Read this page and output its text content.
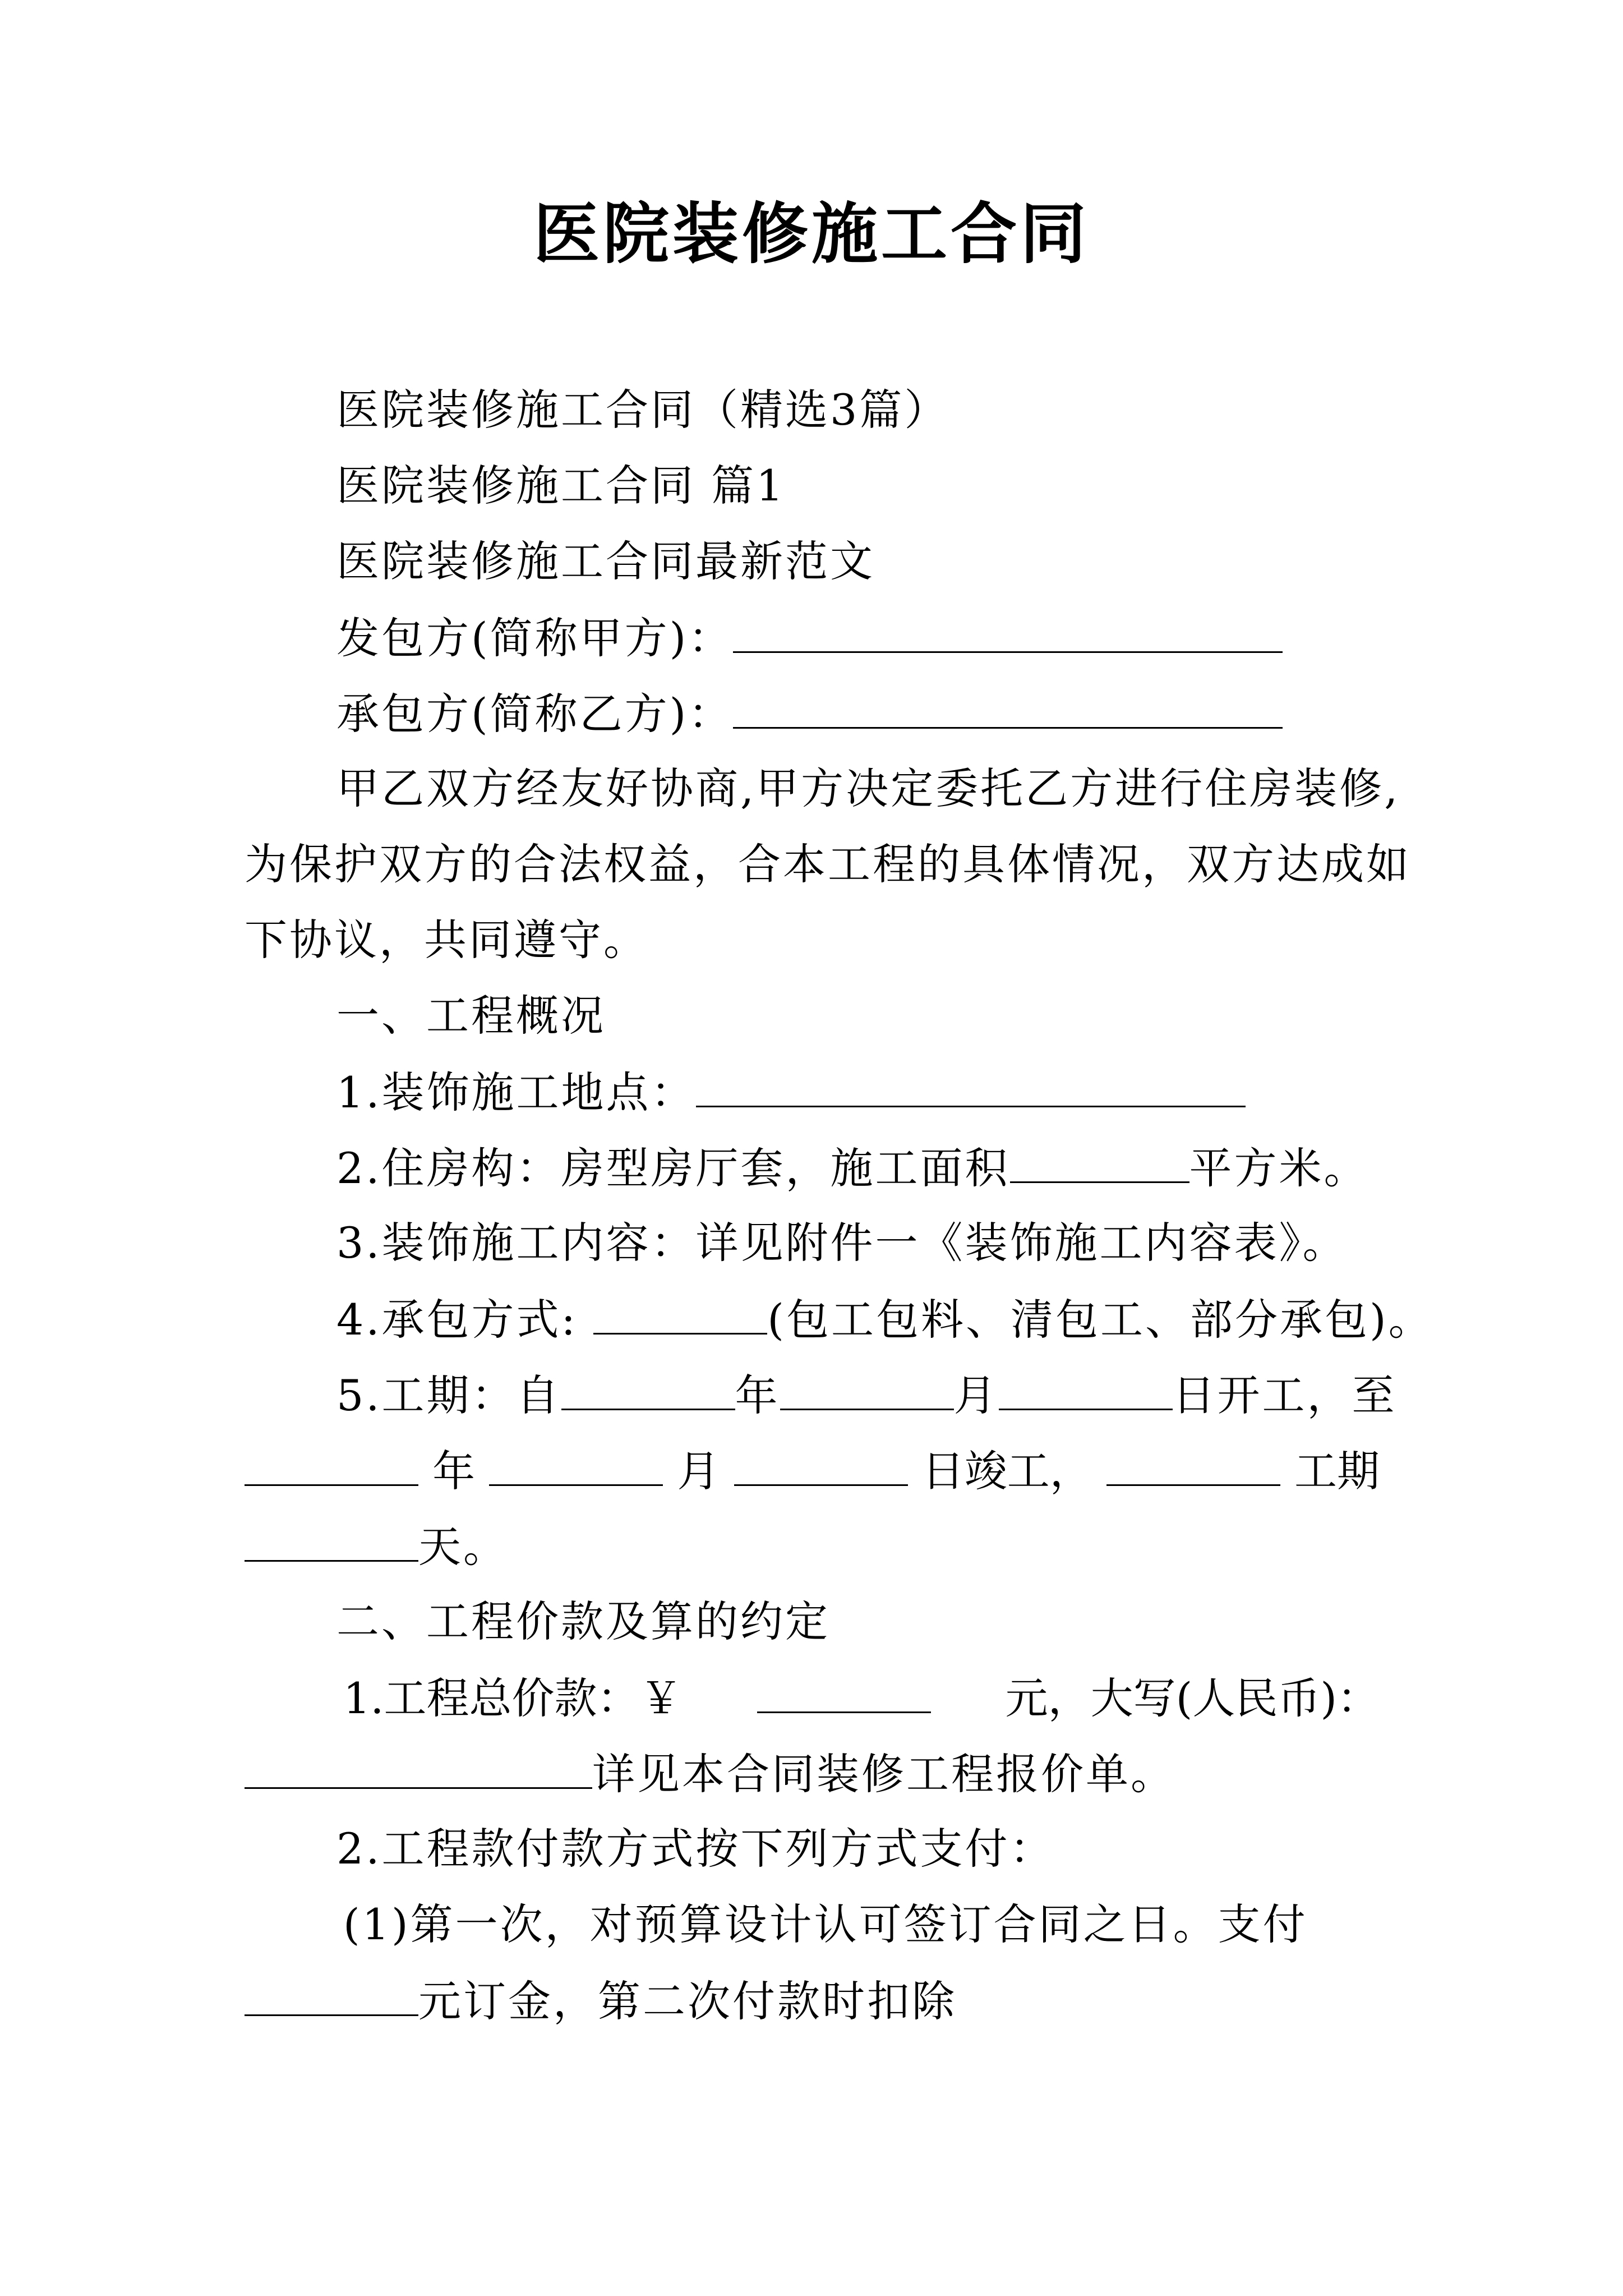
医院装修施工合同
医院装修施工合同（精选3篇）
医院装修施工合同 篇1
医院装修施工合同最新范文
发包方(简称甲方)：
承包方(简称乙方)：
甲乙双方经友好协商,甲方决定委托乙方进行住房装修,
为保护双方的合法权益，合本工程的具体情况，双方达成如
下协议，共同遵守。
一、工程概况
1.装饰施工地点：
2.住房构：房型房厅套，施工面积	平方米。
3.装饰施工内容：详见附件一《装饰施工内容表》。
4.承包方式:	(包工包料、清包工、部分承包)。
5.工期：自	年	月	日开工，至
年	月	日竣工，	工期
天。
二、工程价款及算的约定
1.工程总价款：￥	元，大写(人民币)：
详见本合同装修工程报价单。
2.工程款付款方式按下列方式支付：
(1)第一次，对预算设计认可签订合同之日。支付
元订金，第二次付款时扣除
